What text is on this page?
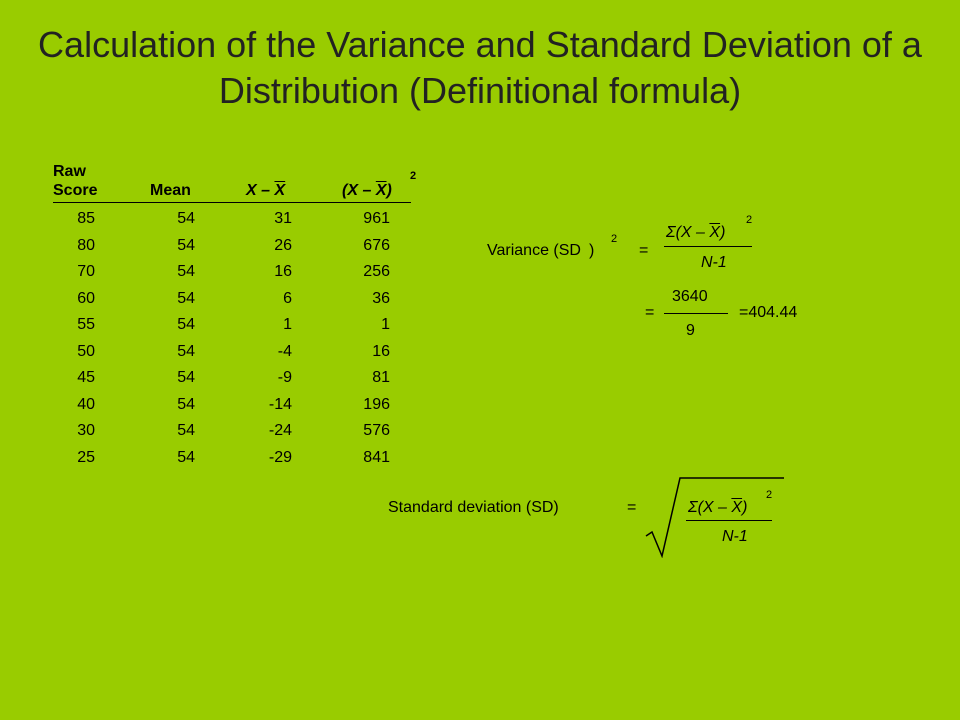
Calculation of the Variance and Standard Deviation of a Distribution (Definitional formula)
Raw
Score	Mean	X – $\overline{X}$	$(X - \overline{X})$
2
85	54	31	961
80	54	26	676
70	54	16	256
60	54	6	36
55	54	1	1
50	54	-4	16
45	54	-9	81
40	54	-14	196
30	54	-24	576
25	54	-29	841
Variance (SD )
2
=
$\Sigma(X - \overline{X})$
2
N-1
=
3640
9
=404.44
Standard deviation (SD)	=	$\Sigma(X - \overline{X})$
2
N-1
